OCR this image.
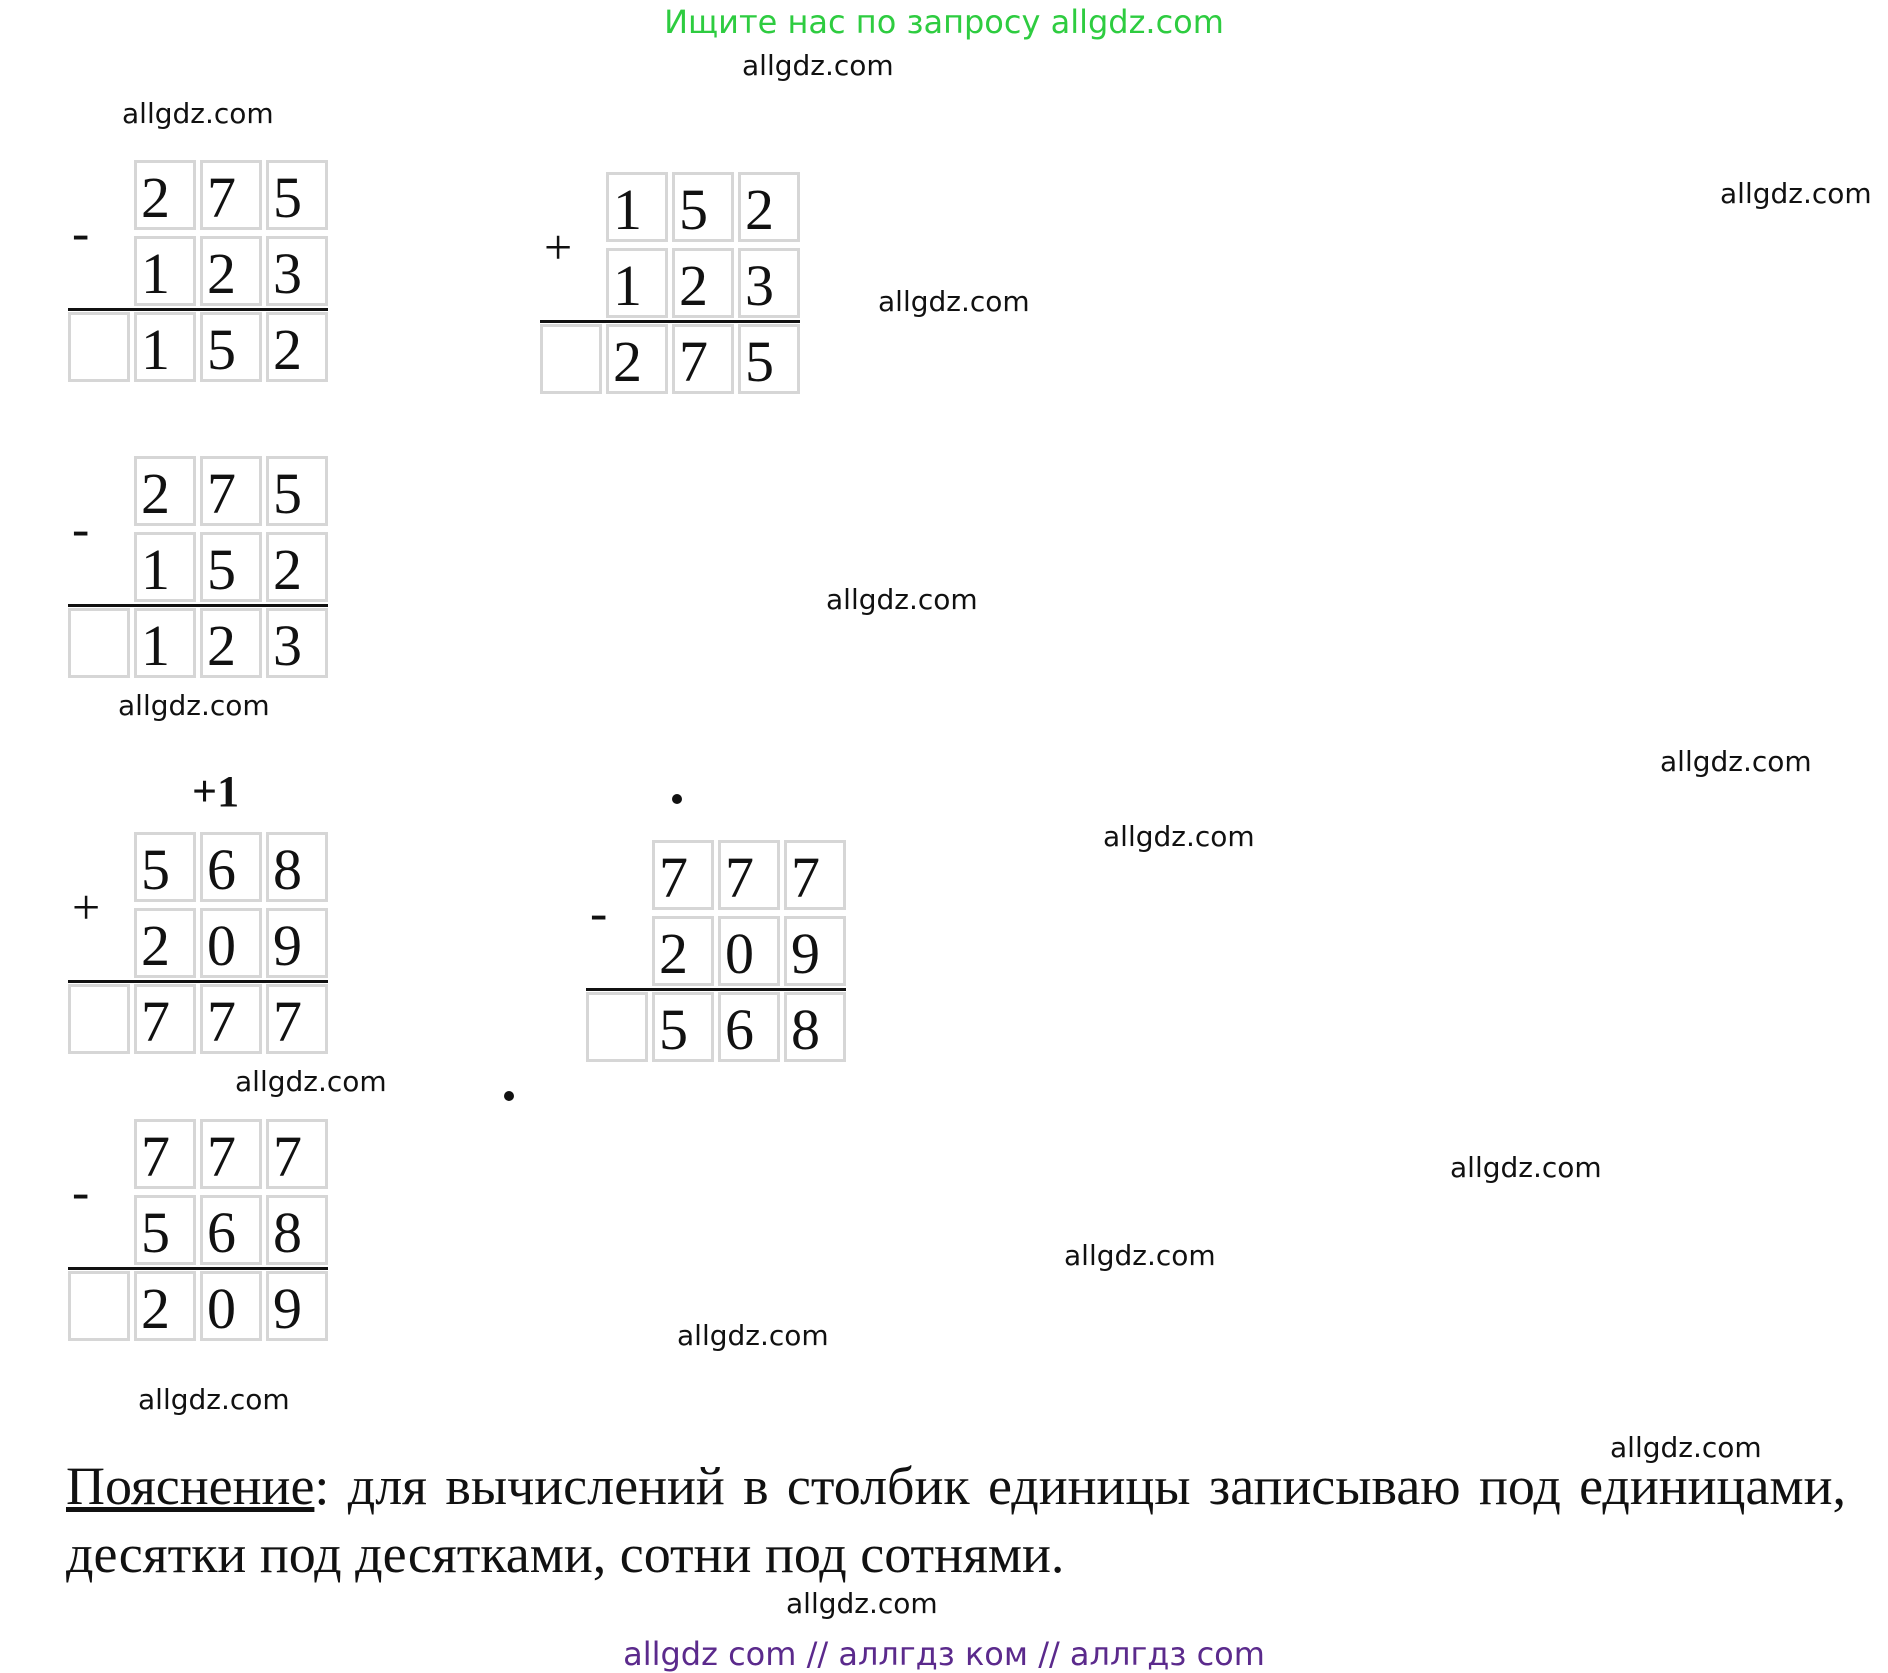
Ищите нас по запросу allgdz.com
allgdz.com
allgdz.com
allgdz.com
allgdz.com
allgdz.com
allgdz.com
allgdz.com
allgdz.com
allgdz.com
allgdz.com
allgdz.com
allgdz.com
allgdz.com
allgdz.com
allgdz.com
-
2 7 5
1 2 3
1 5 2
+
1 5 2
1 2 3
2 7 5
-
2 7 5
1 5 2
1 2 3
+
5 6 8
2 0 9
7 7 7
+1
-
7 7 7
2 0 9
5 6 8
-
7 7 7
5 6 8
2 0 9
Пояснение: для вычислений в столбик единицы записываю под единицами, десятки под десятками, сотни под сотнями.
allgdz com // аллгдз ком // аллгдз com
